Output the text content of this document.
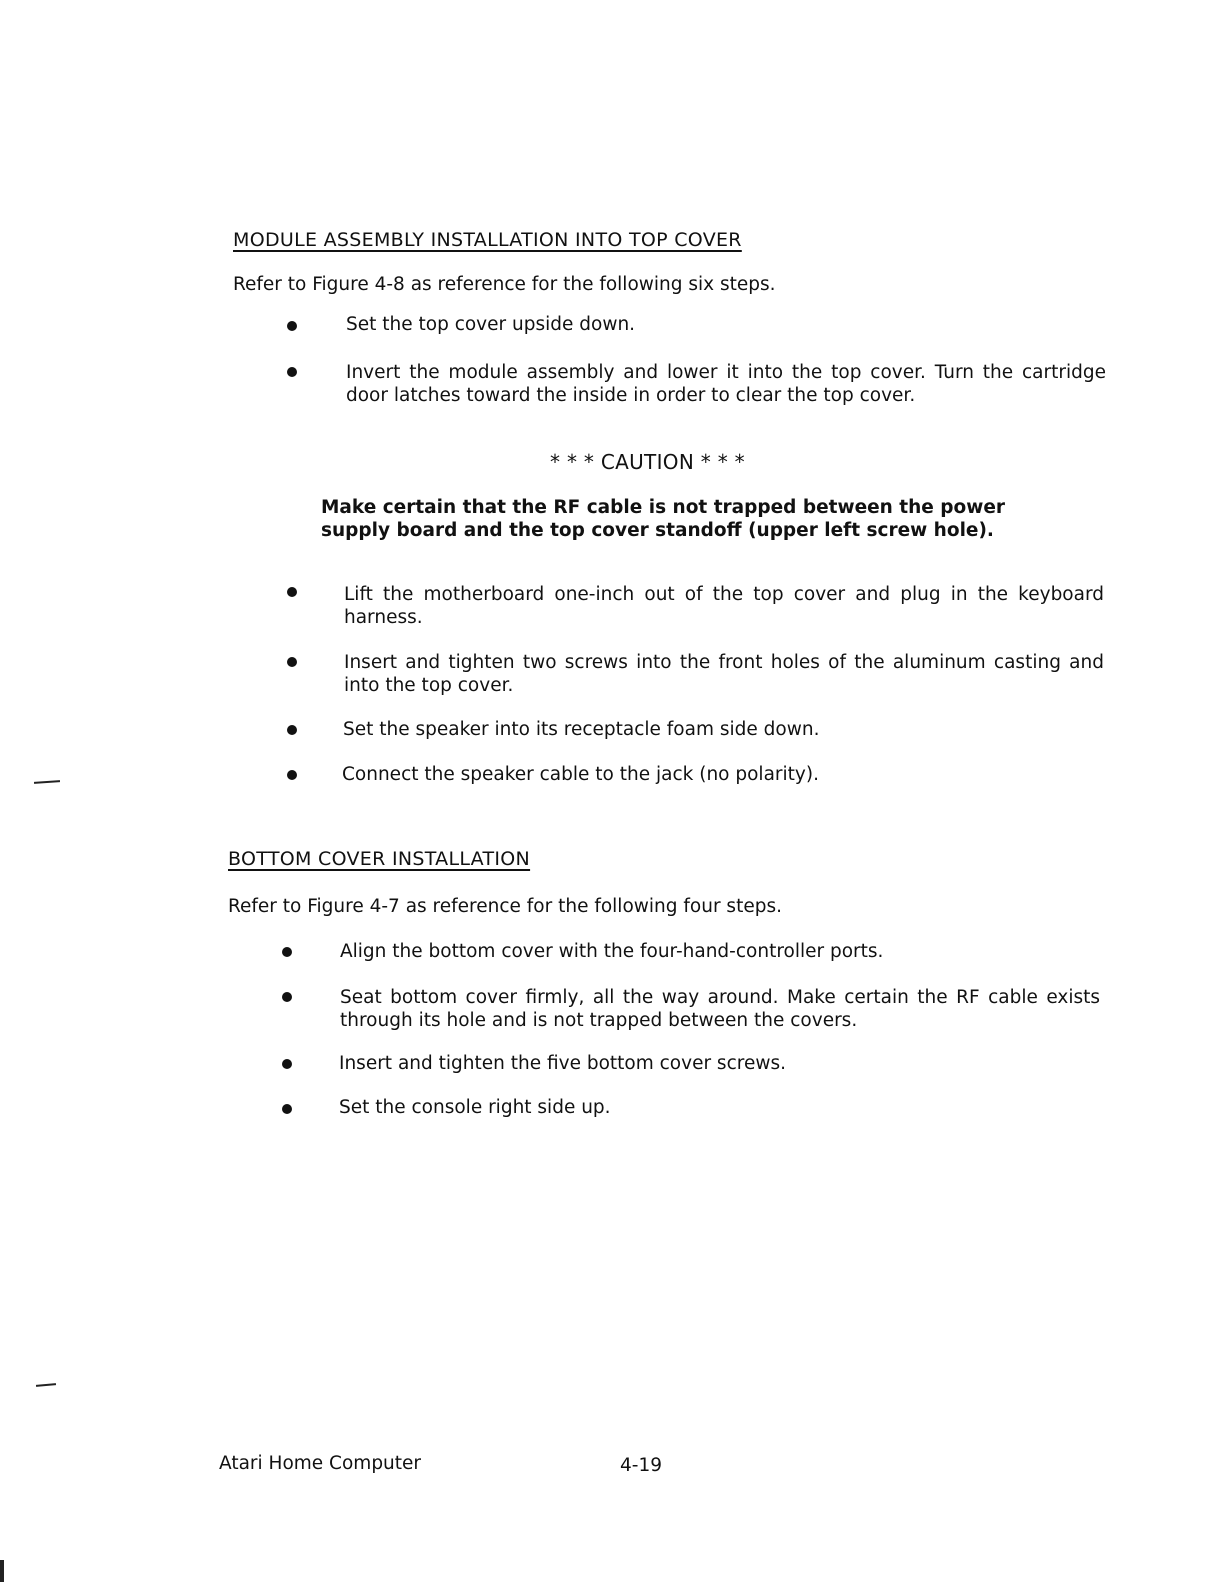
MODULE ASSEMBLY INSTALLATION INTO TOP COVER
Refer to Figure 4-8 as reference for the following six steps.
Set the top cover upside down.
Invert the module assembly and lower it into the top cover. Turn the cartridge door latches toward the inside in order to clear the top cover.
* * * CAUTION * * *
Make certain that the RF cable is not trapped between the power supply board and the top cover standoff (upper left screw hole).
Lift the motherboard one-inch out of the top cover and plug in the keyboard harness.
Insert and tighten two screws into the front holes of the aluminum casting and into the top cover.
Set the speaker into its receptacle foam side down.
Connect the speaker cable to the jack (no polarity).
BOTTOM COVER INSTALLATION
Refer to Figure 4-7 as reference for the following four steps.
Align the bottom cover with the four-hand-controller ports.
Seat bottom cover firmly, all the way around. Make certain the RF cable exists through its hole and is not trapped between the covers.
Insert and tighten the five bottom cover screws.
Set the console right side up.
Atari Home Computer	4-19
